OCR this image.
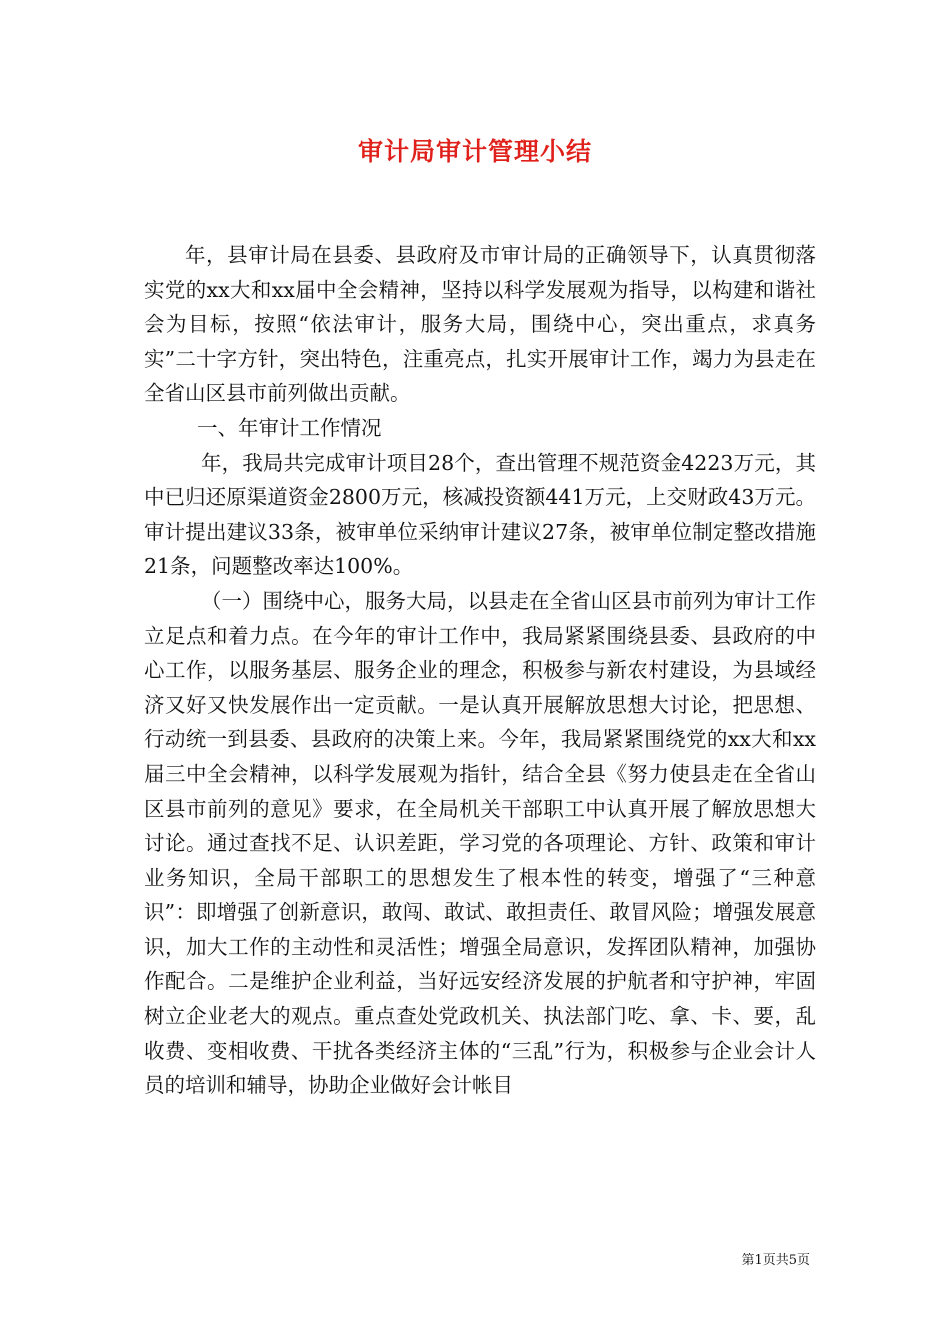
审计局审计管理小结

年，县审计局在县委、县政府及市审计局的正确领导下，认真贯彻落实党的xx大和xx届中全会精神，坚持以科学发展观为指导，以构建和谐社会为目标，按照“依法审计，服务大局，围绕中心，突出重点，求真务实”二十字方针，突出特色，注重亮点，扎实开展审计工作，竭力为县走在全省山区县市前列做出贡献。

一、年审计工作情况

年，我局共完成审计项目28个，查出管理不规范资金4223万元，其中已归还原渠道资金2800万元，核减投资额441万元，上交财政43万元。审计提出建议33条，被审单位采纳审计建议27条，被审单位制定整改措施21条，问题整改率达100%。

（一）围绕中心，服务大局，以县走在全省山区县市前列为审计工作立足点和着力点。在今年的审计工作中，我局紧紧围绕县委、县政府的中心工作，以服务基层、服务企业的理念，积极参与新农村建设，为县域经济又好又快发展作出一定贡献。一是认真开展解放思想大讨论，把思想、行动统一到县委、县政府的决策上来。今年，我局紧紧围绕党的xx大和xx届三中全会精神，以科学发展观为指针，结合全县《努力使县走在全省山区县市前列的意见》要求，在全局机关干部职工中认真开展了解放思想大讨论。通过查找不足、认识差距，学习党的各项理论、方针、政策和审计业务知识，全局干部职工的思想发生了根本性的转变，增强了“三种意识”：即增强了创新意识，敢闯、敢试、敢担责任、敢冒风险；增强发展意识，加大工作的主动性和灵活性；增强全局意识，发挥团队精神，加强协作配合。二是维护企业利益，当好远安经济发展的护航者和守护神，牢固树立企业老大的观点。重点查处党政机关、执法部门吃、拿、卡、要，乱收费、变相收费、干扰各类经济主体的“三乱”行为，积极参与企业会计人员的培训和辅导，协助企业做好会计帐目

第1页共5页
